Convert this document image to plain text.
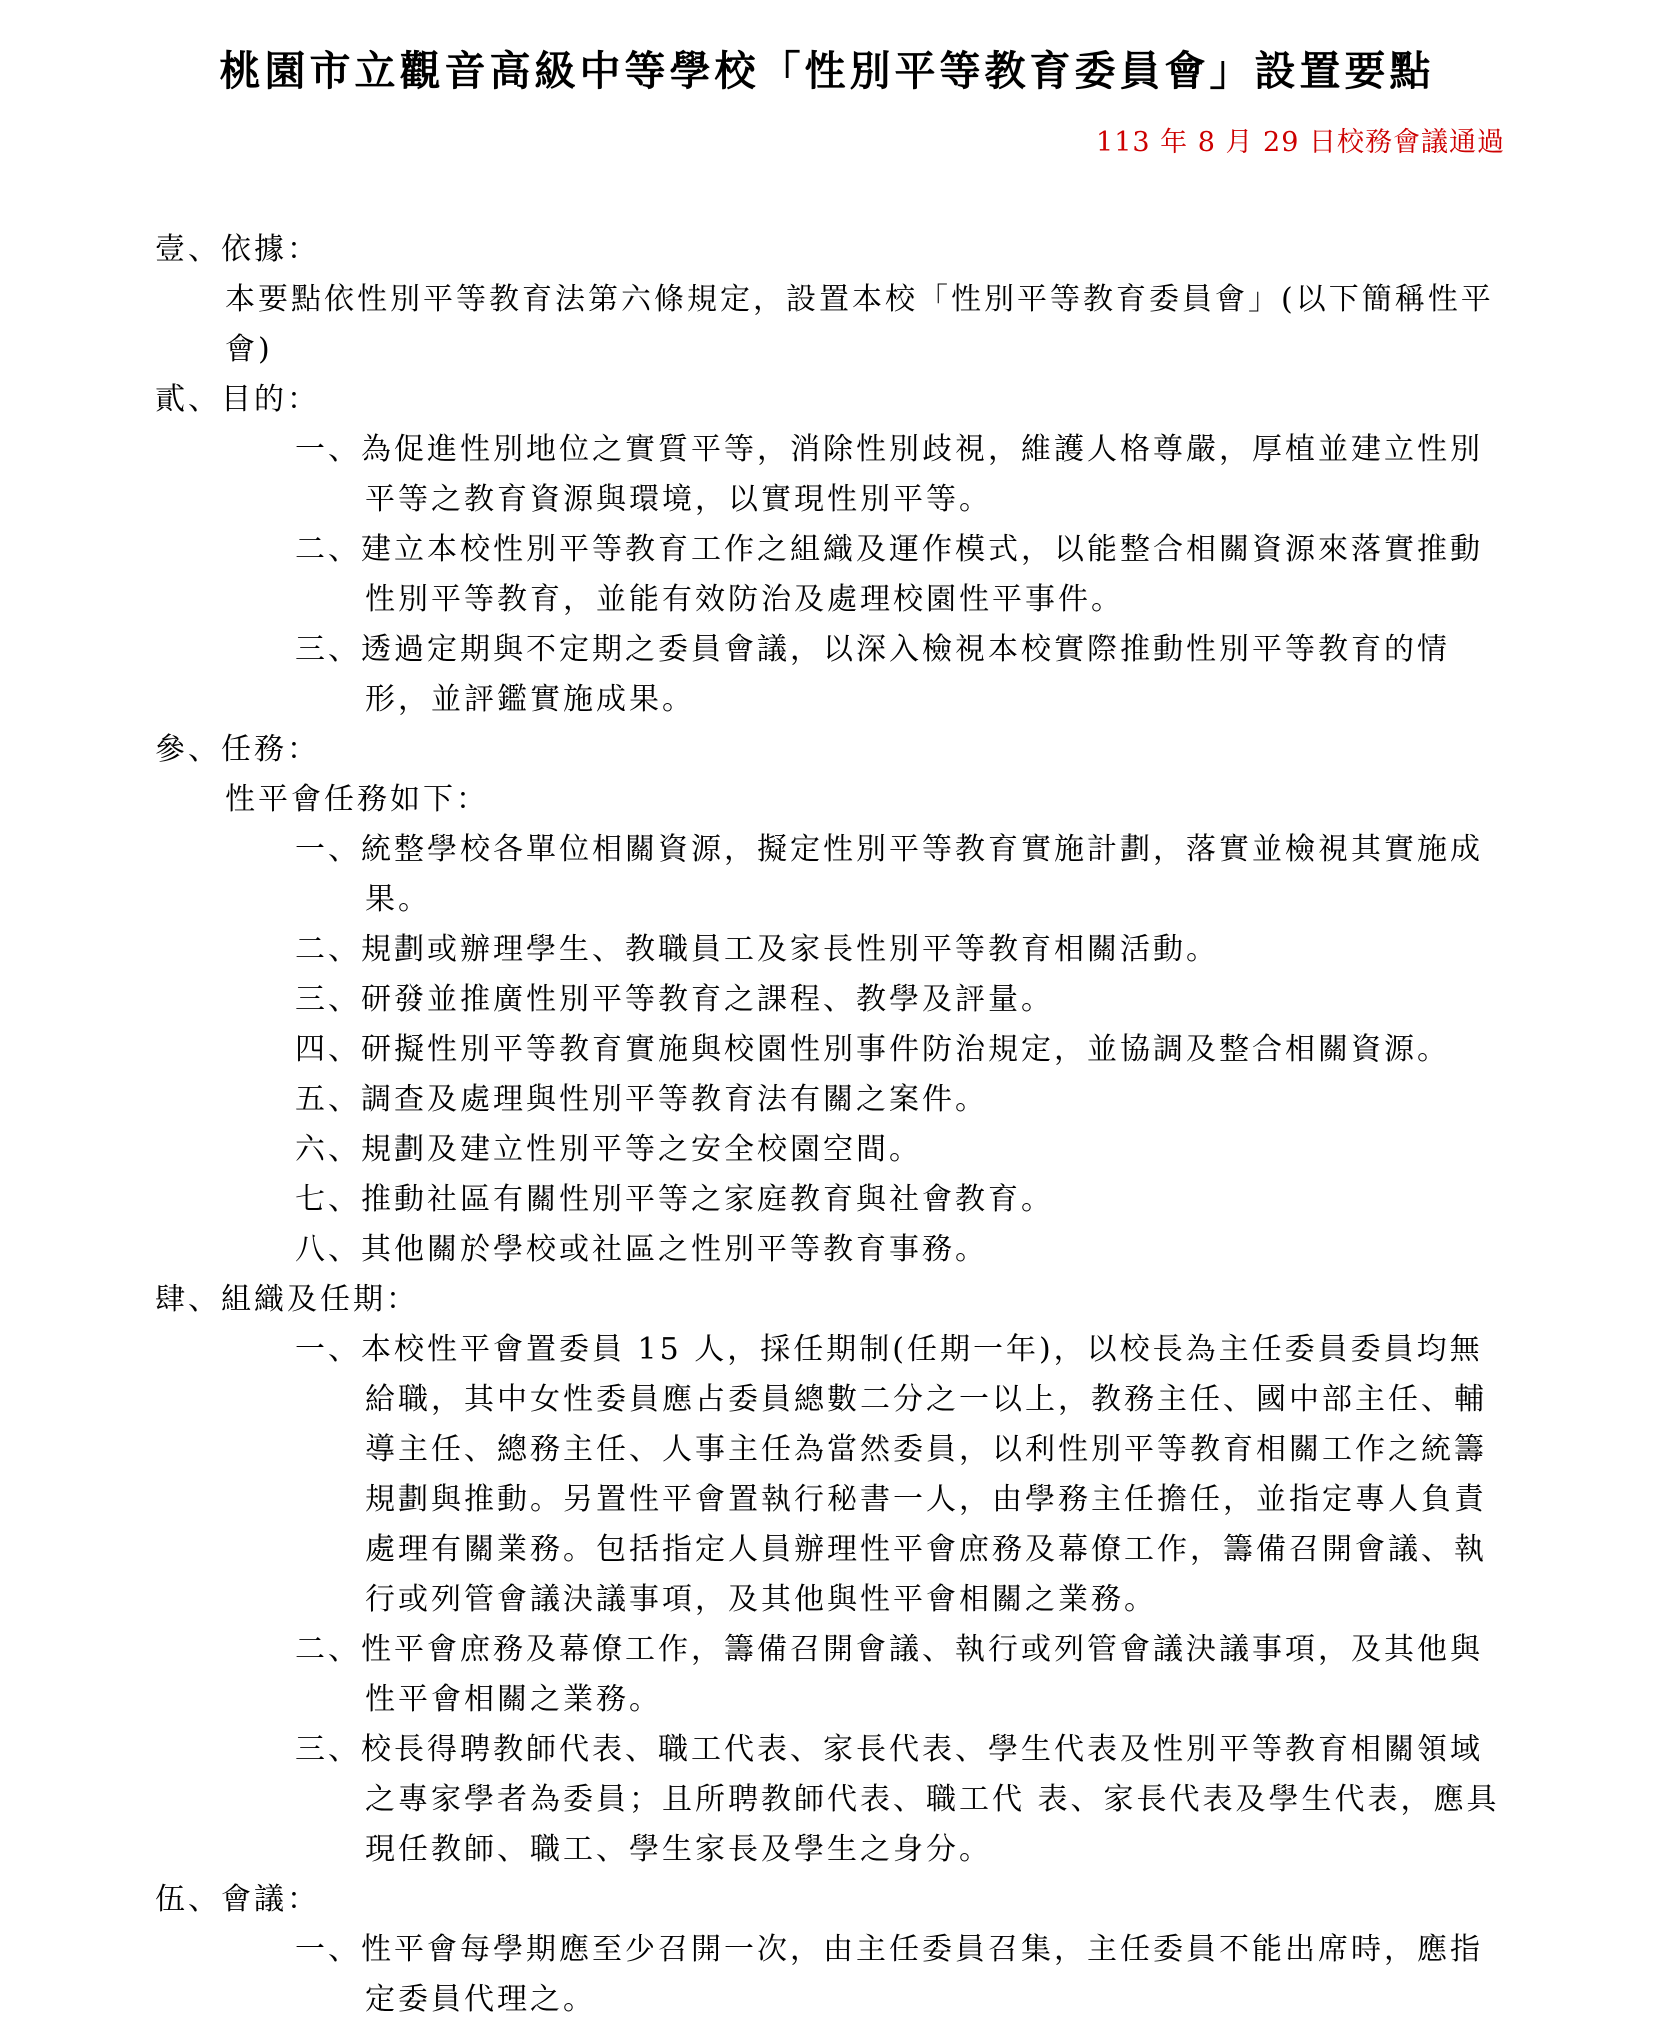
桃園市立觀音高級中等學校「性別平等教育委員會」設置要點
113 年 8 月 29 日校務會議通過

壹、依據：

本要點依性別平等教育法第六條規定，設置本校「性別平等教育委員會」(以下簡稱性平會)

貳、目的：

一、為促進性別地位之實質平等，消除性別歧視，維護人格尊嚴，厚植並建立性別平等之教育資源與環境，以實現性別平等。

二、建立本校性別平等教育工作之組織及運作模式，以能整合相關資源來落實推動性別平等教育，並能有效防治及處理校園性平事件。

三、透過定期與不定期之委員會議，以深入檢視本校實際推動性別平等教育的情形，並評鑑實施成果。

參、任務：

性平會任務如下：

一、統整學校各單位相關資源，擬定性別平等教育實施計劃，落實並檢視其實施成果。

二、規劃或辦理學生、教職員工及家長性別平等教育相關活動。

三、研發並推廣性別平等教育之課程、教學及評量。

四、研擬性別平等教育實施與校園性別事件防治規定，並協調及整合相關資源。

五、調查及處理與性別平等教育法有關之案件。

六、規劃及建立性別平等之安全校園空間。

七、推動社區有關性別平等之家庭教育與社會教育。

八、其他關於學校或社區之性別平等教育事務。

肆、組織及任期：

一、本校性平會置委員 15 人，採任期制(任期一年)，以校長為主任委員委員均無給職，其中女性委員應占委員總數二分之一以上，教務主任、國中部主任、輔導主任、總務主任、人事主任為當然委員，以利性別平等教育相關工作之統籌規劃與推動。另置性平會置執行秘書一人，由學務主任擔任，並指定專人負責處理有關業務。包括指定人員辦理性平會庶務及幕僚工作，籌備召開會議、執行或列管會議決議事項，及其他與性平會相關之業務。

二、性平會庶務及幕僚工作，籌備召開會議、執行或列管會議決議事項，及其他與性平會相關之業務。

三、校長得聘教師代表、職工代表、家長代表、學生代表及性別平等教育相關領域之專家學者為委員；且所聘教師代表、職工代 表、家長代表及學生代表，應具現任教師、職工、學生家長及學生之身分。

伍、會議：

一、性平會每學期應至少召開一次，由主任委員召集，主任委員不能出席時，應指定委員代理之。
